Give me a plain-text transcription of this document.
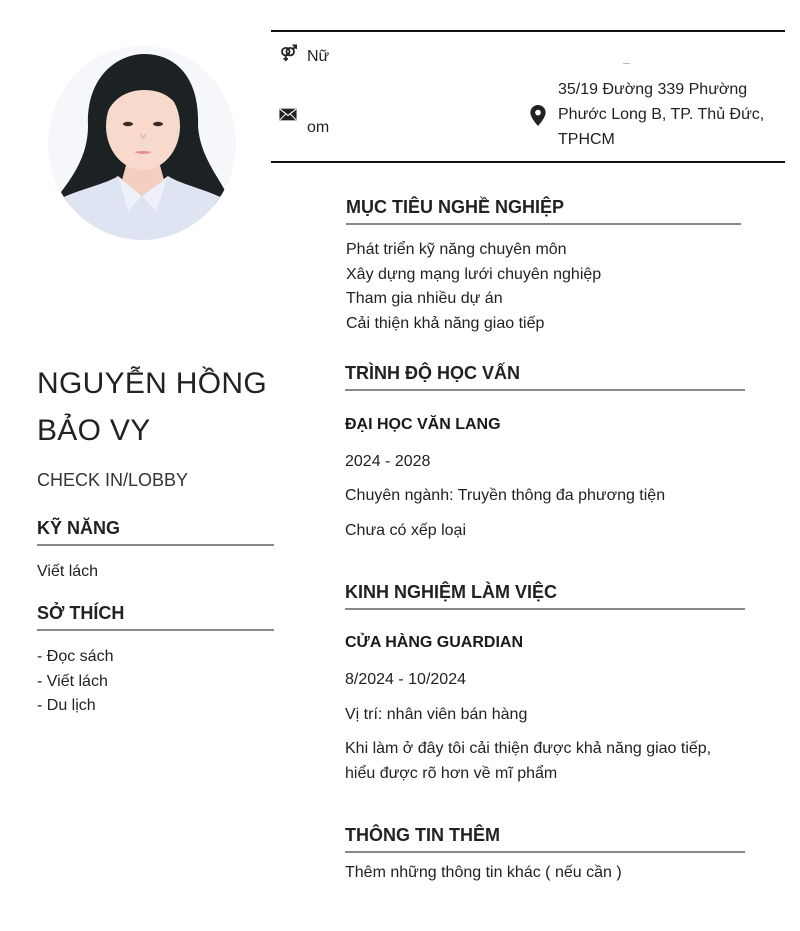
Nữ
om
35/19 Đường 339 Phường
Phước Long B, TP. Thủ Đức,
TPHCM
NGUYỄN HỒNG
BẢO VY
CHECK IN/LOBBY
KỸ NĂNG
Viết lách
SỞ THÍCH
- Đọc sách
- Viết lách
- Du lịch
MỤC TIÊU NGHỀ NGHIỆP
Phát triển kỹ năng chuyên môn
Xây dựng mạng lưới chuyên nghiệp
Tham gia nhiều dự án
Cải thiện khả năng giao tiếp
TRÌNH ĐỘ HỌC VẤN
ĐẠI HỌC VĂN LANG
2024 - 2028
Chuyên ngành: Truyền thông đa phương tiện
Chưa có xếp loại
KINH NGHIỆM LÀM VIỆC
CỬA HÀNG GUARDIAN
8/2024 - 10/2024
Vị trí: nhân viên bán hàng
Khi làm ở đây tôi cải thiện được khả năng giao tiếp,
hiểu được rõ hơn về mĩ phẩm
THÔNG TIN THÊM
Thêm những thông tin khác ( nếu cần )
